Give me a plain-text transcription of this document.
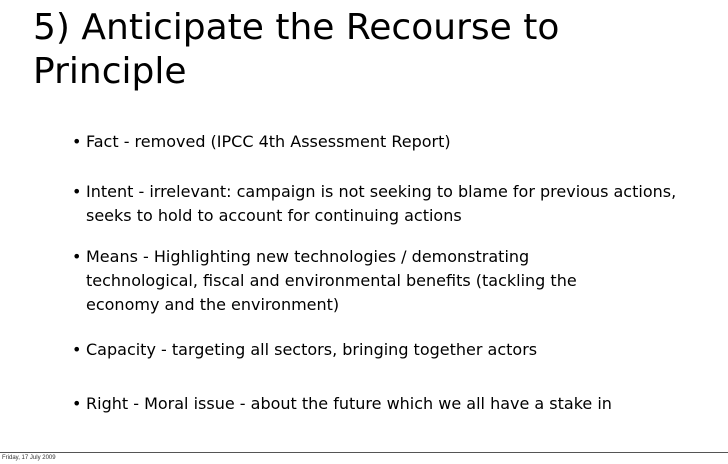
5) Anticipate the Recourse to
Principle
• Fact - removed (IPCC 4th Assessment Report)
• Intent - irrelevant: campaign is not seeking to blame for previous actions, seeks to hold to account for continuing actions
• Means - Highlighting new technologies / demonstrating technological, fiscal and environmental benefits (tackling the economy and the environment)
• Capacity - targeting all sectors, bringing together actors
• Right - Moral issue - about the future which we all have a stake in
Friday, 17 July 2009
